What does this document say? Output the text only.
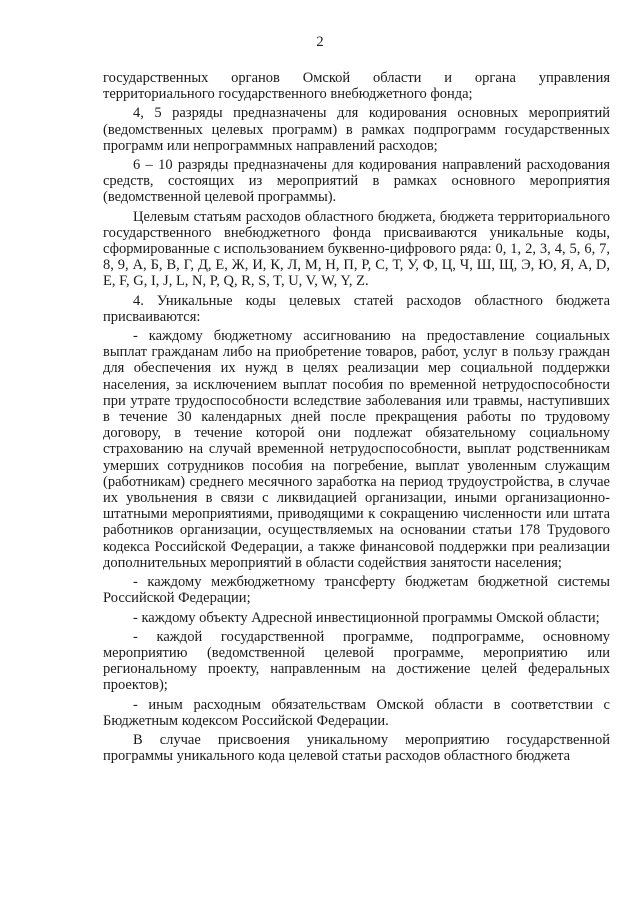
2

государственных органов Омской области и органа управления территориального государственного внебюджетного фонда;

4, 5 разряды предназначены для кодирования основных мероприятий (ведомственных целевых программ) в рамках подпрограмм государственных программ или непрограммных направлений расходов;

6 – 10 разряды предназначены для кодирования направлений расходования средств, состоящих из мероприятий в рамках основного мероприятия (ведомственной целевой программы).

Целевым статьям расходов областного бюджета, бюджета территориального государственного внебюджетного фонда присваиваются уникальные коды, сформированные с использованием буквенно-цифрового ряда: 0, 1, 2, 3, 4, 5, 6, 7, 8, 9, А, Б, В, Г, Д, Е, Ж, И, К, Л, М, Н, П, Р, С, Т, У, Ф, Ц, Ч, Ш, Щ, Э, Ю, Я, A, D, E, F, G, I, J, L, N, P, Q, R, S, T, U, V, W, Y, Z.

4. Уникальные коды целевых статей расходов областного бюджета присваиваются:

- каждому бюджетному ассигнованию на предоставление социальных выплат гражданам либо на приобретение товаров, работ, услуг в пользу граждан для обеспечения их нужд в целях реализации мер социальной поддержки населения, за исключением выплат пособия по временной нетрудоспособности при утрате трудоспособности вследствие заболевания или травмы, наступивших в течение 30 календарных дней после прекращения работы по трудовому договору, в течение которой они подлежат обязательному социальному страхованию на случай временной нетрудоспособности, выплат родственникам умерших сотрудников пособия на погребение, выплат уволенным служащим (работникам) среднего месячного заработка на период трудоустройства, в случае их увольнения в связи с ликвидацией организации, иными организационно-штатными мероприятиями, приводящими к сокращению численности или штата работников организации, осуществляемых на основании статьи 178 Трудового кодекса Российской Федерации, а также финансовой поддержки при реализации дополнительных мероприятий в области содействия занятости населения;

- каждому межбюджетному трансферту бюджетам бюджетной системы Российской Федерации;

- каждому объекту Адресной инвестиционной программы Омской области;

- каждой государственной программе, подпрограмме, основному мероприятию (ведомственной целевой программе, мероприятию или региональному проекту, направленным на достижение целей федеральных проектов);

- иным расходным обязательствам Омской области в соответствии с Бюджетным кодексом Российской Федерации.

В случае присвоения уникальному мероприятию государственной программы уникального кода целевой статьи расходов областного бюджета
